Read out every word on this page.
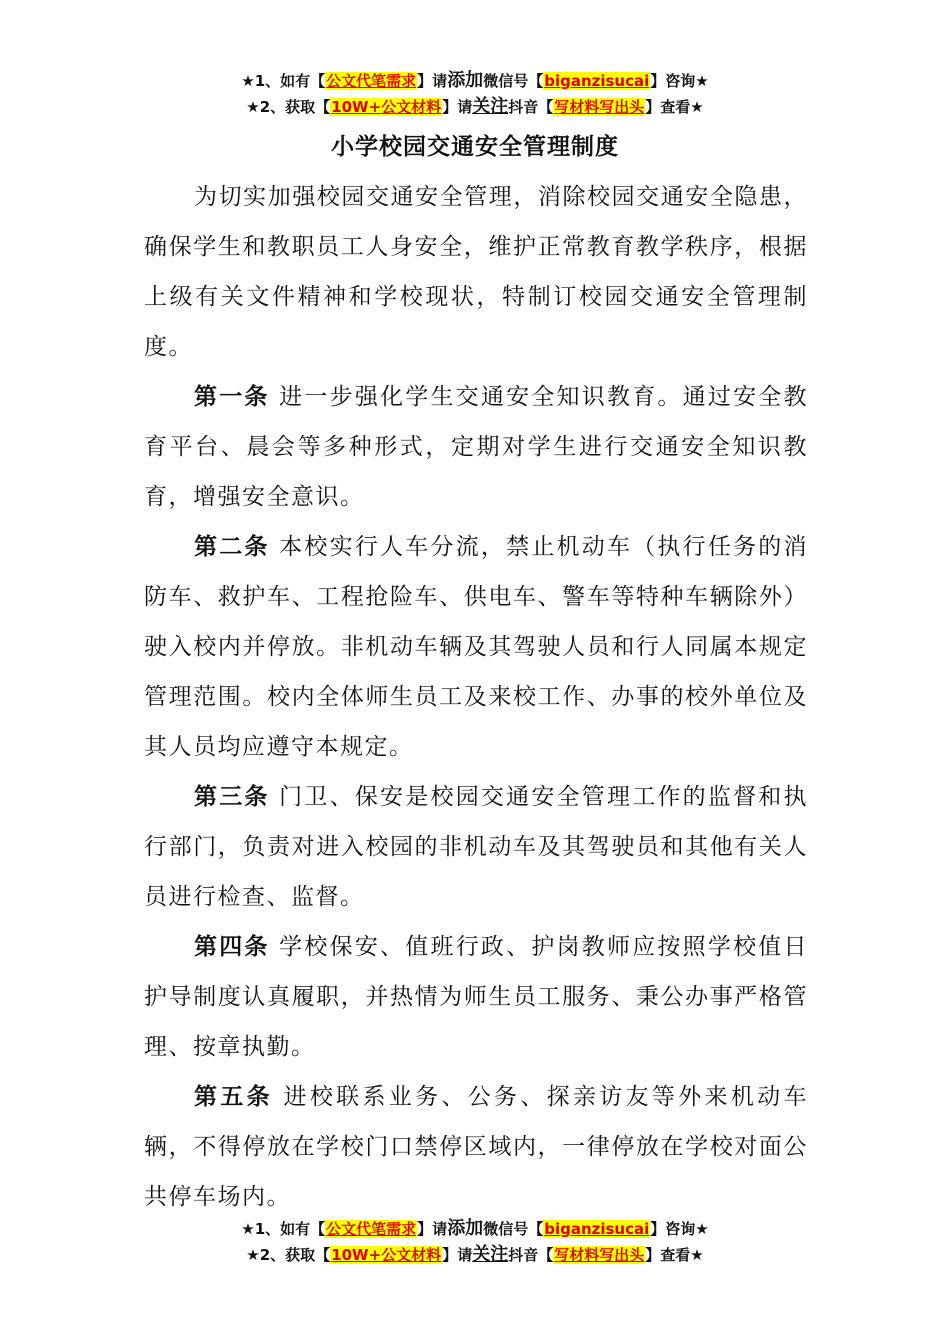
★1、如有【公文代笔需求】请添加微信号【biganzisucai】咨询★
★2、获取【10W+公文材料】请关注抖音【写材料写出头】查看★
小学校园交通安全管理制度

为切实加强校园交通安全管理，消除校园交通安全隐患，确保学生和教职员工人身安全，维护正常教育教学秩序，根据上级有关文件精神和学校现状，特制订校园交通安全管理制度。

第一条 进一步强化学生交通安全知识教育。通过安全教育平台、晨会等多种形式，定期对学生进行交通安全知识教育，增强安全意识。

第二条 本校实行人车分流，禁止机动车（执行任务的消防车、救护车、工程抢险车、供电车、警车等特种车辆除外）驶入校内并停放。非机动车辆及其驾驶人员和行人同属本规定管理范围。校内全体师生员工及来校工作、办事的校外单位及其人员均应遵守本规定。

第三条 门卫、保安是校园交通安全管理工作的监督和执行部门，负责对进入校园的非机动车及其驾驶员和其他有关人员进行检查、监督。

第四条 学校保安、值班行政、护岗教师应按照学校值日护导制度认真履职，并热情为师生员工服务、秉公办事严格管理、按章执勤。

第五条 进校联系业务、公务、探亲访友等外来机动车辆，不得停放在学校门口禁停区域内，一律停放在学校对面公共停车场内。

★1、如有【公文代笔需求】请添加微信号【biganzisucai】咨询★
★2、获取【10W+公文材料】请关注抖音【写材料写出头】查看★
